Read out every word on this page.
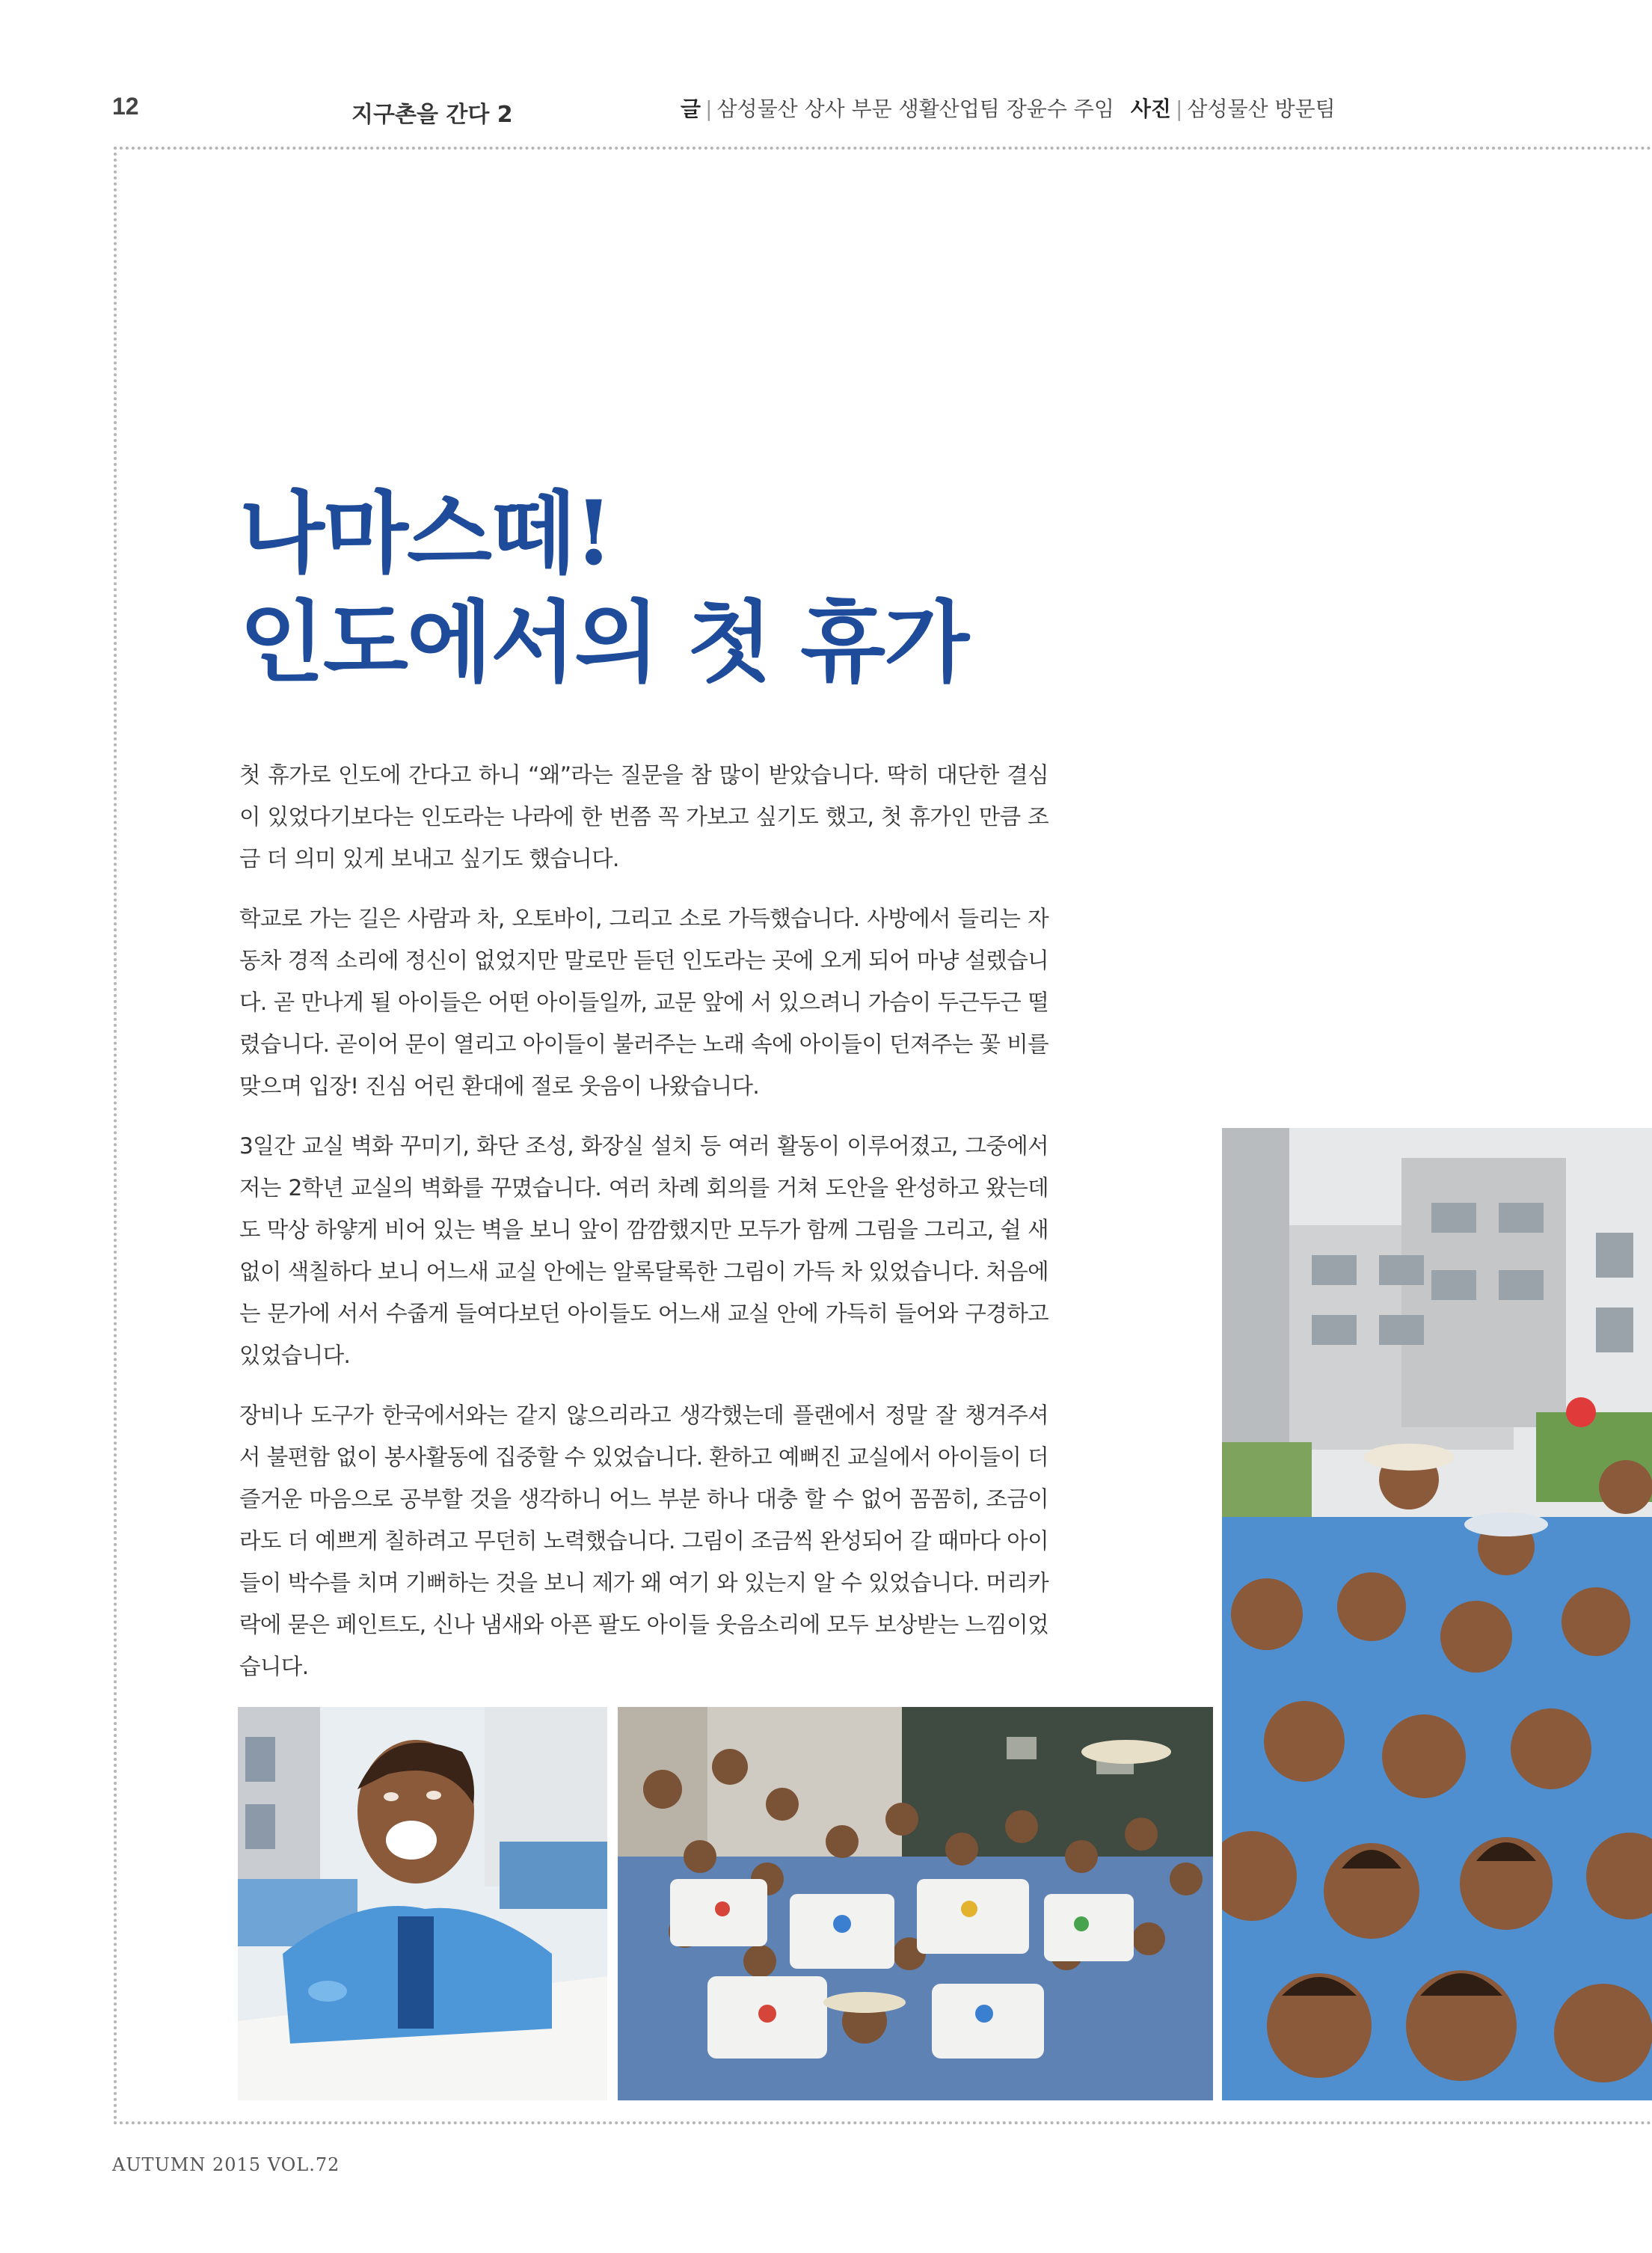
12	지구촌을 간다 2	글 | 삼성물산 상사 부문 생활산업팀 장윤수 주임 사진 | 삼성물산 방문팀
나마스떼!
인도에서의 첫 휴가

첫 휴가로 인도에 간다고 하니 “왜”라는 질문을 참 많이 받았습니다. 딱히 대단한 결심이 있었다기보다는 인도라는 나라에 한 번쯤 꼭 가보고 싶기도 했고, 첫 휴가인 만큼 조금 더 의미 있게 보내고 싶기도 했습니다.

학교로 가는 길은 사람과 차, 오토바이, 그리고 소로 가득했습니다. 사방에서 들리는 자동차 경적 소리에 정신이 없었지만 말로만 듣던 인도라는 곳에 오게 되어 마냥 설렜습니다. 곧 만나게 될 아이들은 어떤 아이들일까, 교문 앞에 서 있으려니 가슴이 두근두근 떨렸습니다. 곧이어 문이 열리고 아이들이 불러주는 노래 속에 아이들이 던져주는 꽃 비를 맞으며 입장! 진심 어린 환대에 절로 웃음이 나왔습니다.

3일간 교실 벽화 꾸미기, 화단 조성, 화장실 설치 등 여러 활동이 이루어졌고, 그중에서 저는 2학년 교실의 벽화를 꾸몄습니다. 여러 차례 회의를 거쳐 도안을 완성하고 왔는데도 막상 하얗게 비어 있는 벽을 보니 앞이 깜깜했지만 모두가 함께 그림을 그리고, 쉴 새 없이 색칠하다 보니 어느새 교실 안에는 알록달록한 그림이 가득 차 있었습니다. 처음에는 문가에 서서 수줍게 들여다보던 아이들도 어느새 교실 안에 가득히 들어와 구경하고 있었습니다.

장비나 도구가 한국에서와는 같지 않으리라고 생각했는데 플랜에서 정말 잘 챙겨주셔서 불편함 없이 봉사활동에 집중할 수 있었습니다. 환하고 예뻐진 교실에서 아이들이 더 즐거운 마음으로 공부할 것을 생각하니 어느 부분 하나 대충 할 수 없어 꼼꼼히, 조금이라도 더 예쁘게 칠하려고 무던히 노력했습니다. 그림이 조금씩 완성되어 갈 때마다 아이들이 박수를 치며 기뻐하는 것을 보니 제가 왜 여기 와 있는지 알 수 있었습니다. 머리카락에 묻은 페인트도, 신나 냄새와 아픈 팔도 아이들 웃음소리에 모두 보상받는 느낌이었습니다.

AUTUMN 2015 VOL.72
